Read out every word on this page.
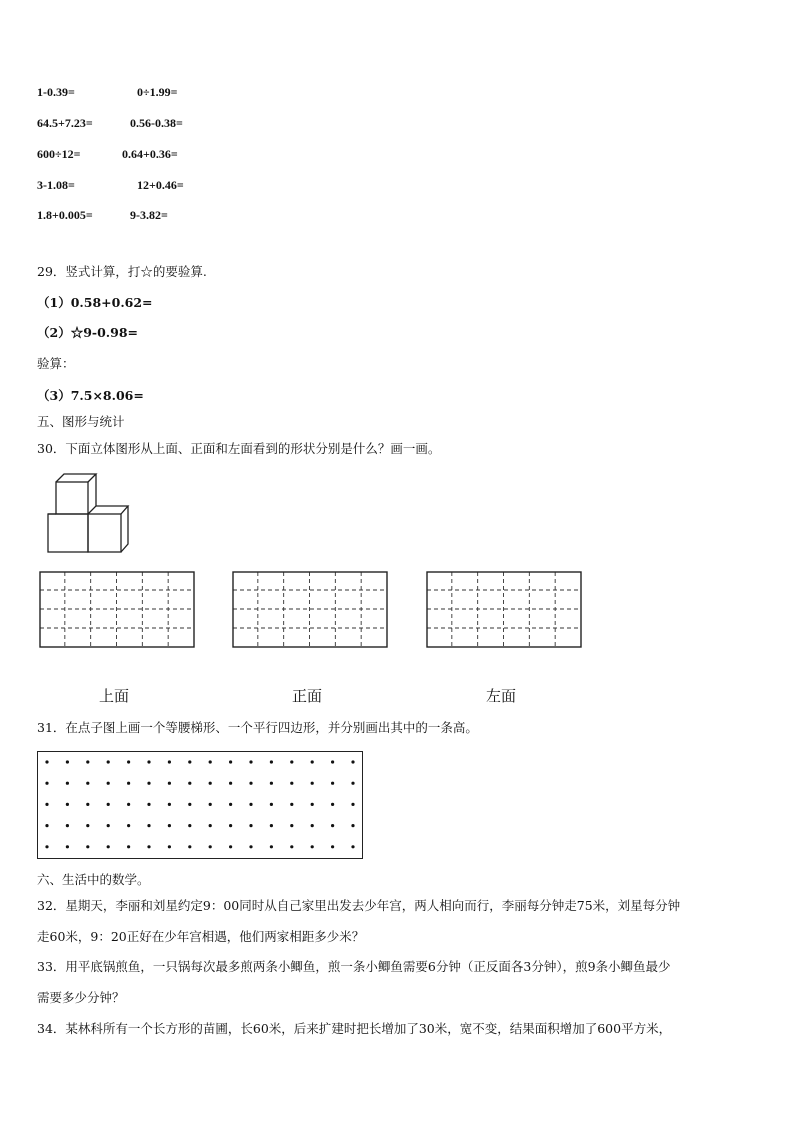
1-0.39=	0÷1.99=
64.5+7.23=	0.56-0.38=
600÷12=	0.64+0.36=
3-1.08=	12+0.46=
1.8+0.005=	9-3.82=
29．竖式计算，打☆的要验算.
（1）0.58+0.62=
（2）☆9-0.98=
验算：
（3）7.5×8.06=
五、图形与统计
30．下面立体图形从上面、正面和左面看到的形状分别是什么？画一画。
上面	正面	左面
31．在点子图上画一个等腰梯形、一个平行四边形，并分别画出其中的一条高。
六、生活中的数学。
32．星期天，李丽和刘星约定9：00同时从自己家里出发去少年宫，两人相向而行，李丽每分钟走75米，刘星每分钟
走60米，9：20正好在少年宫相遇，他们两家相距多少米？
33．用平底锅煎鱼，一只锅每次最多煎两条小鲫鱼，煎一条小鲫鱼需要6分钟（正反面各3分钟），煎9条小鲫鱼最少
需要多少分钟？
34．某林科所有一个长方形的苗圃，长60米，后来扩建时把长增加了30米，宽不变，结果面积增加了600平方米，
